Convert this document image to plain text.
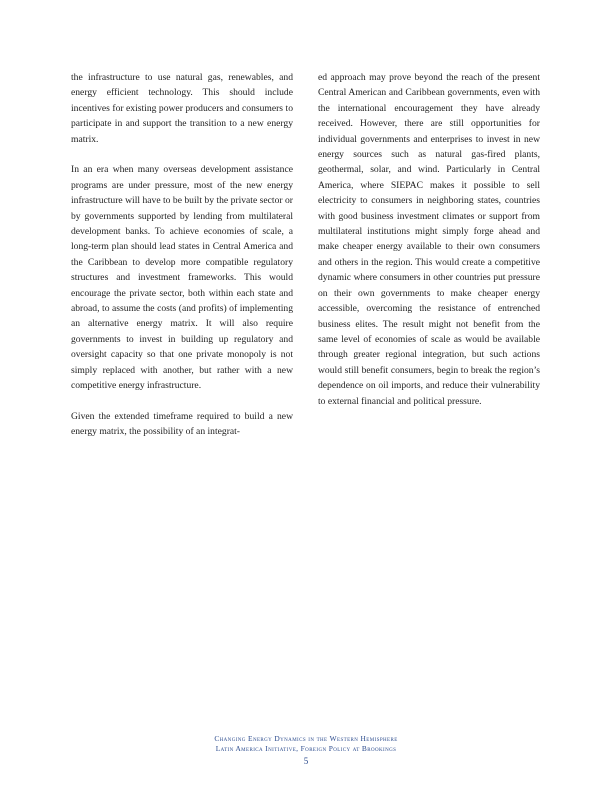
the infrastructure to use natural gas, renewables, and energy efficient technology. This should include incentives for existing power producers and consumers to participate in and support the transition to a new energy matrix.

In an era when many overseas development assistance programs are under pressure, most of the new energy infrastructure will have to be built by the private sector or by governments supported by lending from multilateral development banks. To achieve economies of scale, a long-term plan should lead states in Central America and the Caribbean to develop more compatible regulatory structures and investment frameworks. This would encourage the private sector, both within each state and abroad, to assume the costs (and profits) of implementing an alternative energy matrix. It will also require governments to invest in building up regulatory and oversight capacity so that one private monopoly is not simply replaced with another, but rather with a new competitive energy infrastructure.

Given the extended timeframe required to build a new energy matrix, the possibility of an integrat-

ed approach may prove beyond the reach of the present Central American and Caribbean governments, even with the international encouragement they have already received. However, there are still opportunities for individual governments and enterprises to invest in new energy sources such as natural gas-fired plants, geothermal, solar, and wind. Particularly in Central America, where SIEPAC makes it possible to sell electricity to consumers in neighboring states, countries with good business investment climates or support from multilateral institutions might simply forge ahead and make cheaper energy available to their own consumers and others in the region. This would create a competitive dynamic where consumers in other countries put pressure on their own governments to make cheaper energy accessible, overcoming the resistance of entrenched business elites. The result might not benefit from the same level of economies of scale as would be available through greater regional integration, but such actions would still benefit consumers, begin to break the region’s dependence on oil imports, and reduce their vulnerability to external financial and political pressure.

Changing Energy Dynamics in the Western Hemisphere
Latin America Initiative, Foreign Policy at Brookings
5
